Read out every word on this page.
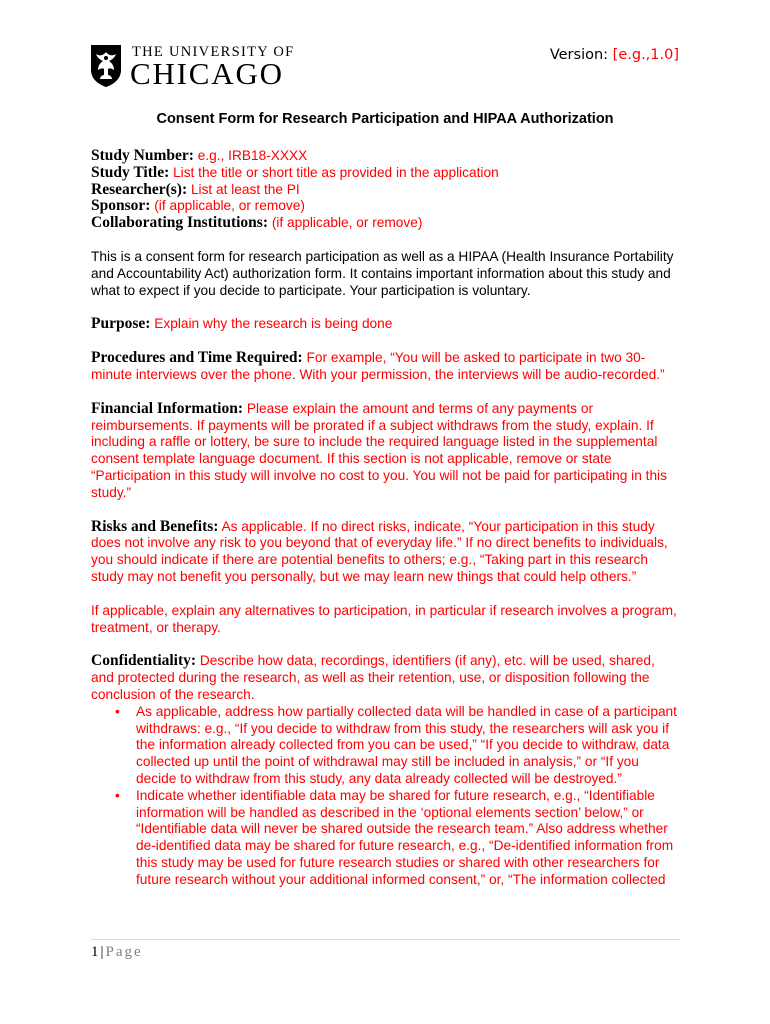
THE UNIVERSITY OF
CHICAGO
Version: [e.g.,1.0]
Consent Form for Research Participation and HIPAA Authorization

Study Number: e.g., IRB18-XXXX

Study Title: List the title or short title as provided in the application

Researcher(s): List at least the PI

Sponsor: (if applicable, or remove)

Collaborating Institutions: (if applicable, or remove)

This is a consent form for research participation as well as a HIPAA (Health Insurance Portability and Accountability Act) authorization form. It contains important information about this study and what to expect if you decide to participate. Your participation is voluntary.

Purpose: Explain why the research is being done

Procedures and Time Required: For example, “You will be asked to participate in two 30-minute interviews over the phone. With your permission, the interviews will be audio-recorded.”

Financial Information: Please explain the amount and terms of any payments or reimbursements. If payments will be prorated if a subject withdraws from the study, explain. If including a raffle or lottery, be sure to include the required language listed in the supplemental consent template language document. If this section is not applicable, remove or state “Participation in this study will involve no cost to you. You will not be paid for participating in this study.”

Risks and Benefits: As applicable. If no direct risks, indicate, “Your participation in this study does not involve any risk to you beyond that of everyday life.” If no direct benefits to individuals, you should indicate if there are potential benefits to others; e.g., “Taking part in this research study may not benefit you personally, but we may learn new things that could help others.”

If applicable, explain any alternatives to participation, in particular if research involves a program, treatment, or therapy.

Confidentiality: Describe how data, recordings, identifiers (if any), etc. will be used, shared, and protected during the research, as well as their retention, use, or disposition following the conclusion of the research.

• As applicable, address how partially collected data will be handled in case of a participant withdraws: e.g., “If you decide to withdraw from this study, the researchers will ask you if the information already collected from you can be used,” “If you decide to withdraw, data collected up until the point of withdrawal may still be included in analysis,” or “If you decide to withdraw from this study, any data already collected will be destroyed.”
• Indicate whether identifiable data may be shared for future research, e.g., “Identifiable information will be handled as described in the ‘optional elements section’ below,” or “Identifiable data will never be shared outside the research team.” Also address whether de-identified data may be shared for future research, e.g., “De-identified information from this study may be used for future research studies or shared with other researchers for future research without your additional informed consent,” or, “The information collected
1 | Page
